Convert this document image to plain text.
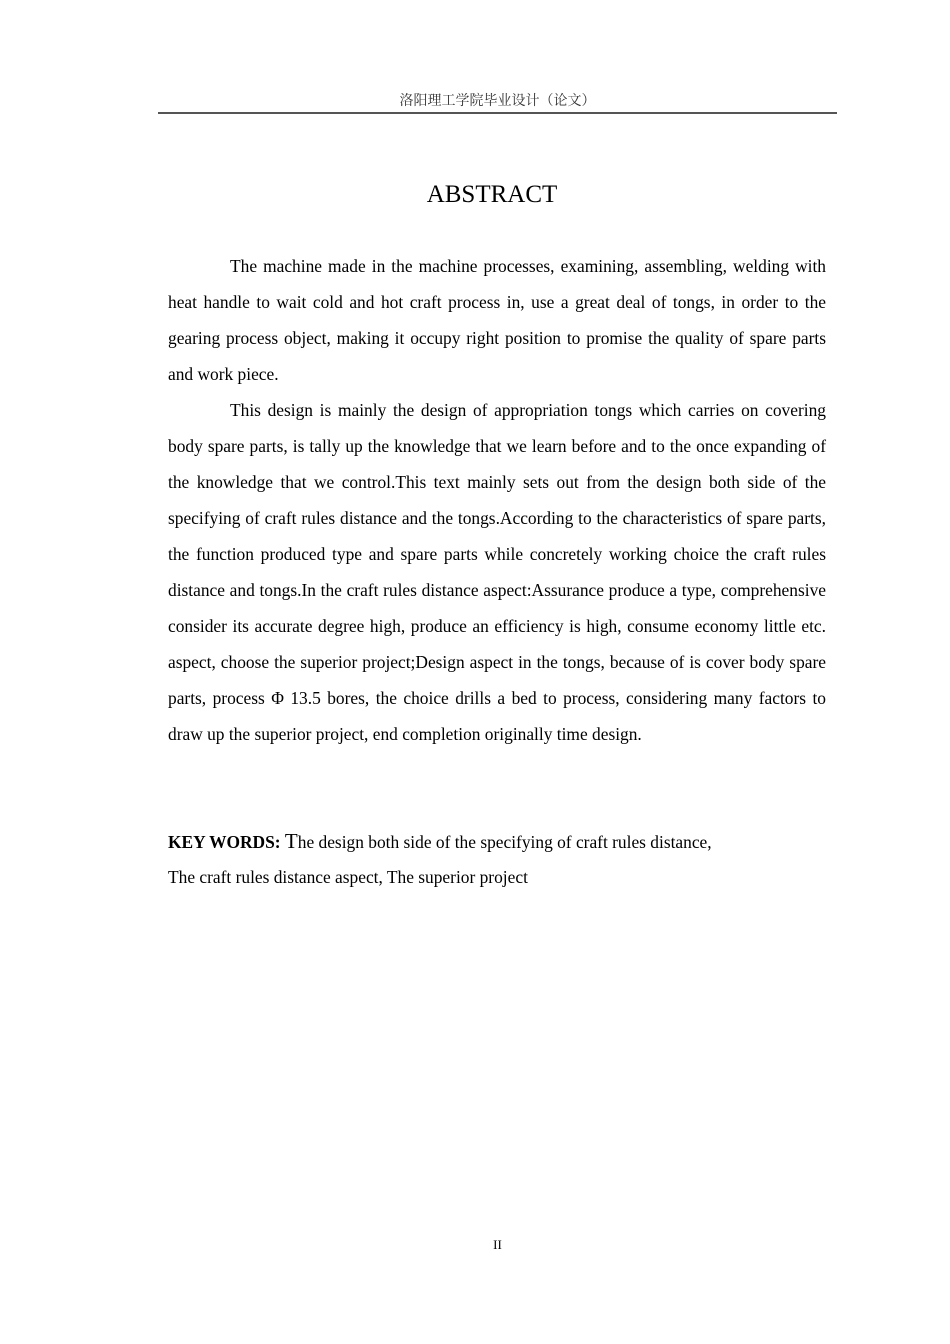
洛阳理工学院毕业设计（论文）
ABSTRACT

The machine made in the machine processes, examining, assembling, welding with heat handle to wait cold and hot craft process in, use a great deal of tongs, in order to the gearing process object, making it occupy right position to promise the quality of spare parts and work piece.

This design is mainly the design of appropriation tongs which carries on covering body spare parts, is tally up the knowledge that we learn before and to the once expanding of the knowledge that we control.This text mainly sets out from the design both side of the specifying of craft rules distance and the tongs.According to the characteristics of spare parts, the function produced type and spare parts while concretely working choice the craft rules distance and tongs.In the craft rules distance aspect:Assurance produce a type, comprehensive consider its accurate degree high, produce an efficiency is high, consume economy little etc. aspect, choose the superior project;Design aspect in the tongs, because of is cover body spare parts, process Φ 13.5 bores, the choice drills a bed to process, considering many factors to draw up the superior project, end completion originally time design.

KEY WORDS: The design both side of the specifying of craft rules distance,
The craft rules distance aspect, The superior project
II
